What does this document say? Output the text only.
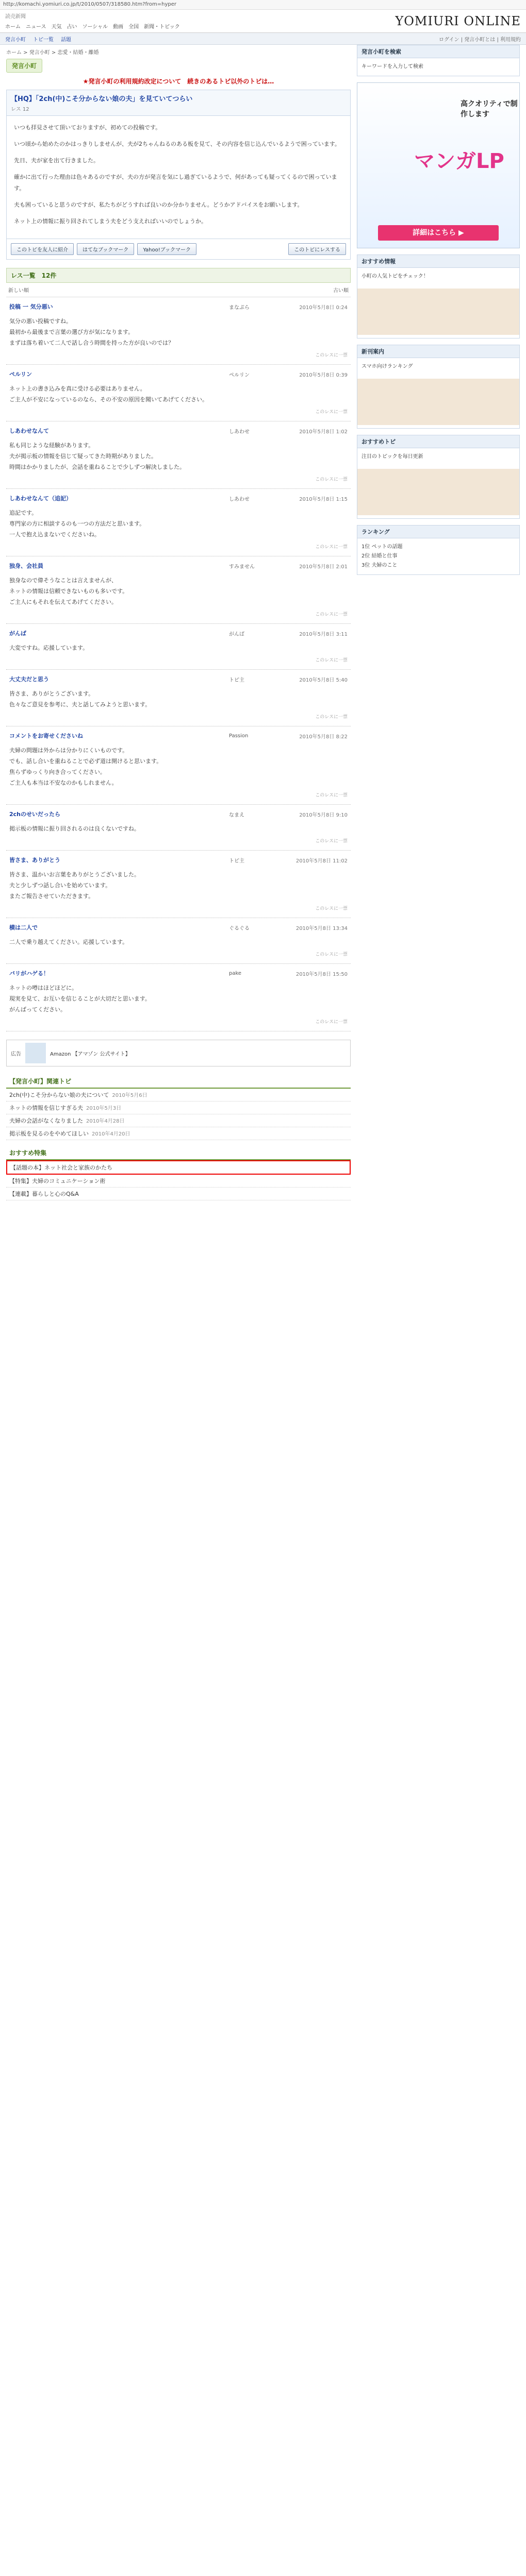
http://komachi.yomiuri.co.jp/t/2010/0507/318580.htm?from=hyper
読売新聞
ホーム ニュース 天気 占い ソーシャル 動画 全国 新聞・トピック	YOMIURI ONLINE
発言小町 トピ一覧 話題	ログイン | 発言小町とは | 利用規約
ホーム > 発言小町 > 恋愛・結婚・離婚
発言小町
★発言小町の利用規約改定について　続きのあるトピ以外のトピは…
【HQ】「2ch(中)こそ分からない娘の夫」を見ていてつらい
レス 12

いつも拝見させて頂いておりますが、初めての投稿です。

いつ頃から始めたのかはっきりしませんが、夫が2ちゃんねるのある板を見て、その内容を信じ込んでいるようで困っています。

先日、夫が家を出て行きました。

確かに出て行った理由は色々あるのですが、夫の方が発言を気にし過ぎているようで、何があっても疑ってくるので困っています。

夫も困っていると思うのですが、私たちがどうすれば良いのか分かりません。どうかアドバイスをお願いします。

ネット上の情報に振り回されてしまう夫をどう支えればいいのでしょうか。

このトピを友人に紹介	はてなブックマーク	Yahoo!ブックマーク	このトピにレスする
レス一覧　12件
新しい順	古い順
投稿 一 気分悪い	まなぷら	2010年5月8日 0:24
気分の悪い投稿ですね。
最初から最後まで言葉の選び方が気になります。
まずは落ち着いて二人で話し合う時間を持った方が良いのでは？
このレスに一票
ペルリン	ペルリン	2010年5月8日 0:39
ネット上の書き込みを真に受ける必要はありません。
ご主人が不安になっているのなら、その不安の原因を聞いてあげてください。
このレスに一票
しあわせなんて	しあわせ	2010年5月8日 1:02
私も同じような経験があります。
夫が掲示板の情報を信じて疑ってきた時期がありました。
時間はかかりましたが、会話を重ねることで少しずつ解決しました。
このレスに一票
しあわせなんて（追記）	しあわせ	2010年5月8日 1:15
追記です。
専門家の方に相談するのも一つの方法だと思います。
一人で抱え込まないでくださいね。
このレスに一票
独身、会社員	すみません	2010年5月8日 2:01
独身なので偉そうなことは言えませんが、
ネットの情報は信頼できないものも多いです。
ご主人にもそれを伝えてあげてください。
このレスに一票
がんば	がんば	2010年5月8日 3:11
大変ですね。応援しています。
このレスに一票
大丈夫だと思う	トピ主	2010年5月8日 5:40
皆さま、ありがとうございます。
色々なご意見を参考に、夫と話してみようと思います。
このレスに一票
コメントをお寄せくださいね	Passion	2010年5月8日 8:22
夫婦の問題は外からは分かりにくいものです。
でも、話し合いを重ねることで必ず道は開けると思います。
焦らずゆっくり向き合ってください。
ご主人も本当は不安なのかもしれません。
このレスに一票
2chのせいだったら	なまえ	2010年5月8日 9:10
掲示板の情報に振り回されるのは良くないですね。
このレスに一票
皆さま、ありがとう	トピ主	2010年5月8日 11:02
皆さま、温かいお言葉をありがとうございました。
夫と少しずつ話し合いを始めています。
またご報告させていただきます。
このレスに一票
横は二人で	ぐるぐる	2010年5月8日 13:34
二人で乗り越えてください。応援しています。
このレスに一票
バリがハゲる！	pake	2010年5月8日 15:50
ネットの噂はほどほどに。
現実を見て、お互いを信じることが大切だと思います。
がんばってください。
このレスに一票
広告	Amazon 【アマゾン 公式サイト】
【発言小町】関連トピ
2ch(中)こそ分からない娘の夫について 2010年5月6日
ネットの情報を信じすぎる夫 2010年5月3日
夫婦の会話がなくなりました 2010年4月28日
掲示板を見るのをやめてほしい 2010年4月20日
おすすめ特集
【話題の本】ネット社会と家族のかたち
【特集】夫婦のコミュニケーション術
【連載】暮らしと心のQ&A
発言小町を検索
キーワードを入力して検索
高クオリティで制作します
マンガLP
詳細はこちら ▶
おすすめ情報
小町の人気トピをチェック！
新刊案内
スマホ向けランキング
おすすめトピ
注目のトピックを毎日更新
ランキング
1位 ペットの話題
2位 結婚と仕事
3位 夫婦のこと
